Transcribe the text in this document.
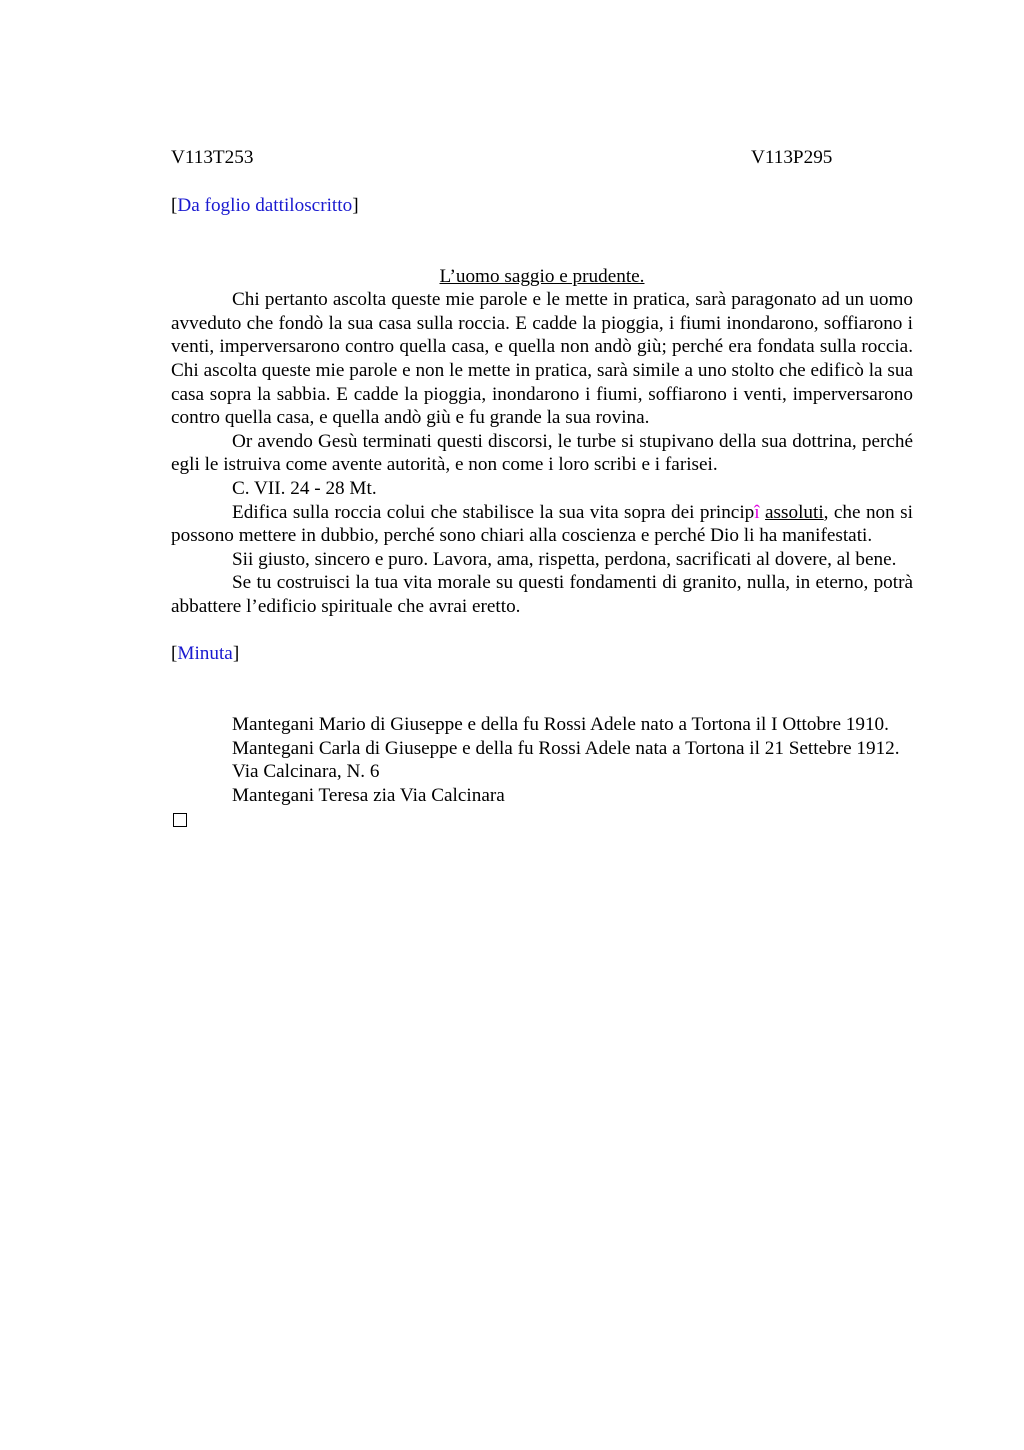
V113T253	V113P295

[Da foglio dattiloscritto]

L’uomo saggio e prudente.

Chi pertanto ascolta queste mie parole e le mette in pratica, sarà paragonato ad un uomo avveduto che fondò la sua casa sulla roccia. E cadde la pioggia, i fiumi inondarono, soffiarono i venti, imperversarono contro quella casa, e quella non andò giù; perché era fondata sulla roccia. Chi ascolta queste mie parole e non le mette in pratica, sarà simile a uno stolto che edificò la sua casa sopra la sabbia. E cadde la pioggia, inondarono i fiumi, soffiarono i venti, imperversarono contro quella casa, e quella andò giù e fu grande la sua rovina.

Or avendo Gesù terminati questi discorsi, le turbe si stupivano della sua dottrina, perché egli le istruiva come avente autorità, e non come i loro scribi e i farisei.

C. VII. 24 - 28 Mt.

Edifica sulla roccia colui che stabilisce la sua vita sopra dei principî assoluti, che non si possono mettere in dubbio, perché sono chiari alla coscienza e perché Dio li ha manifestati.

Sii giusto, sincero e puro. Lavora, ama, rispetta, perdona, sacrificati al dovere, al bene.

Se tu costruisci la tua vita morale su questi fondamenti di granito, nulla, in eterno, potrà abbattere l’edificio spirituale che avrai eretto.

[Minuta]

Mantegani Mario di Giuseppe e della fu Rossi Adele nato a Tortona il I Ottobre 1910.

Mantegani Carla di Giuseppe e della fu Rossi Adele nata a Tortona il 21 Settebre 1912.

Via Calcinara, N. 6

Mantegani Teresa zia Via Calcinara
